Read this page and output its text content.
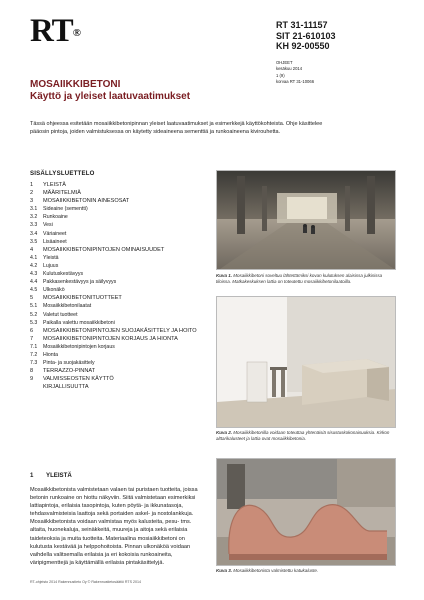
RT®
RT 31-11157
SIT 21-610103
KH 92-00550
OHJEET
kesäkuu 2014
1 (9)
korvaa RT 31-10066
MOSAIIKKIBETONI
Käyttö ja yleiset laatuvaatimukset
Tässä ohjeessa esitetään mosaiikkibetonipinnan yleiset laatuvaatimukset ja esimerkkejä käyttökohteista. Ohje käsittelee pääosin pintoja, joiden valmistuksessa on käytetty sideaineena sementtiä ja runkoaineena kivirouhetta.
SISÄLLYSLUETTELO
1 YLEISTÄ
2 MÄÄRITELMIÄ
3 MOSAIIKKIBETONIN AINESOSAT
3.1 Sideaine (sementti)
3.2 Runkoaine
3.3 Vesi
3.4 Väriaineet
3.5 Lisäaineet
4 MOSAIIKKIBETONIPINTOJEN OMINAISUUDET
4.1 Yleistä
4.2 Lujuus
4.3 Kulutuskestävyys
4.4 Pakkasenkestävyys ja säilyvyys
4.5 Ulkonäkö
5 MOSAIIKKIBETONITUOTTEET
5.1 Mosaiikkibetonilaatat
5.2 Valetut tuotteet
5.3 Paikalla valettu mosaiikkibetoni
6 MOSAIIKKIBETONIPINTOJEN SUOJAKÄSITTELY JA HOITO
7 MOSAIIKKIBETONIPINTOJEN KORJAUS JA HIONTA
7.1 Mosaiikkibetonipintojen korjaus
7.2 Hionta
7.3 Pinta- ja suojakäsittely
8 TERRAZZO-PINNAT
9 VALMISSEOSTEN KÄYTTÖ
KIRJALLISUUTTA
1 YLEISTÄ
Mosaiikkibetonista valmistetaan valaen tai puristaen tuotteita, joissa betonin runkoaine on hiottu näkyviin. Siitä valmistetaan esimerkiksi lattiapintoja, erilaisia tasopintoja, kuten pöytä- ja ikkunatasoja, tehdasvalmisteisia laattoja sekä portaiden askel- ja nostolankkuja. Mosaiikkibetonista voidaan valmistaa myös kalusteita, pesu- tms. altaita, huonekaluja, seinäkkeitä, muureja ja aitoja sekä erilaisia taideteoksia ja muita tuotteita. Materiaalina mosiaiikkibetoni on kulutusta kestävää ja helppohoitoista. Pinnan ulkonäköä voidaan vaihdella valitsemalla erilaisia ja eri kokoisia runkoaineita, väripigmenttejä ja käyttämällä erilaisia pintakäsittelyjä.
Kuva 1. Mosaiikkibetoni soveltuu lähtettämiksi kovan kulutuksen alaisissa julkisissa tiloissa. Matkakeskuksen lattia on toteutettu mosaiikkibetonilaatoilla.
Kuva 2. Mosaiikkibetonilla voidaan toteuttaa yhtenäisiä sisustuskokonaisuuksia. Kirkon alttarikalusteet ja lattia ovat mosaiikkibetonia.
Kuva 3. Mosaiikkibetonista valmistettu katukaluste.
RT-ohjeisto 2014 Rakennustieto Oy © Rakennustietosäätiö RTS 2014
